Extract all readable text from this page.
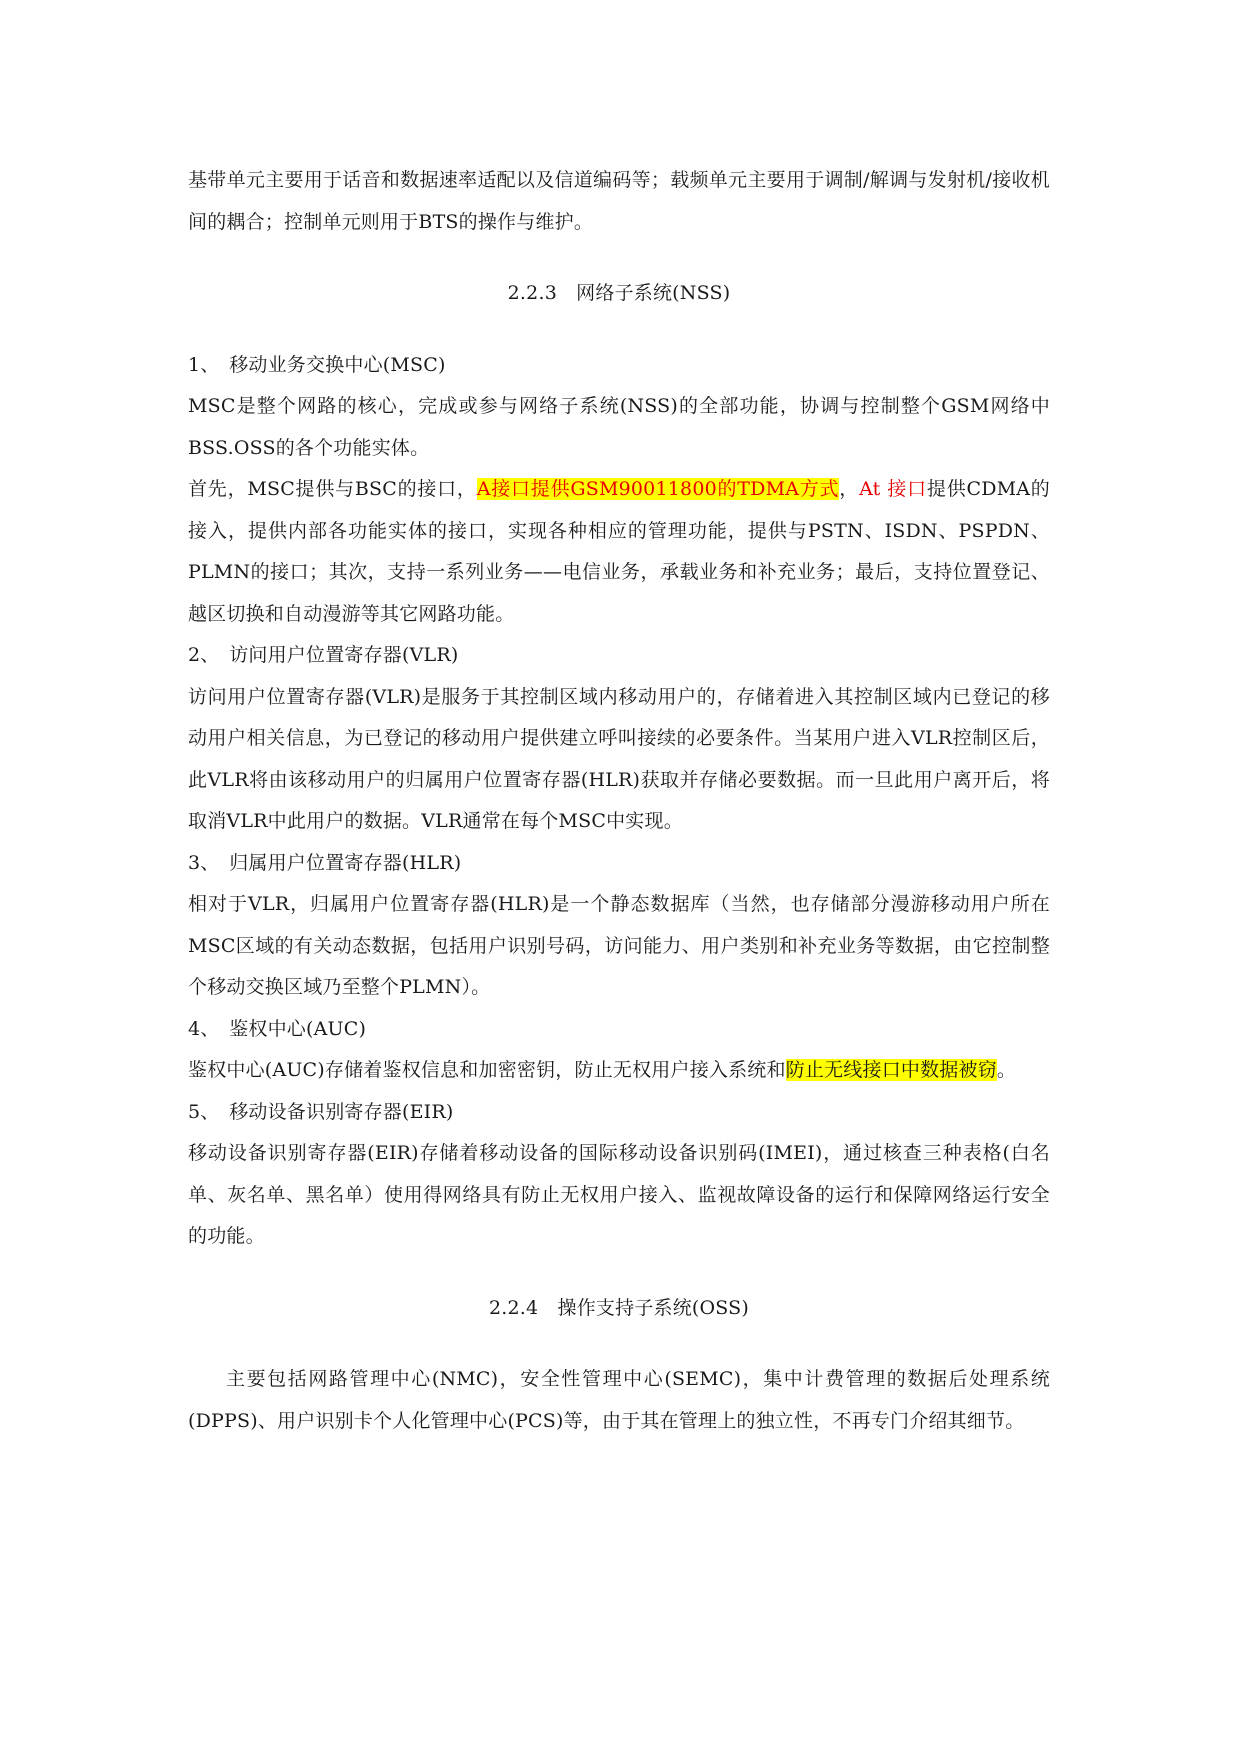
基带单元主要用于话音和数据速率适配以及信道编码等；载频单元主要用于调制/解调与发射机/接收机间的耦合；控制单元则用于BTS的操作与维护。

2.2.3　网络子系统(NSS)

1、　移动业务交换中心(MSC)

MSC是整个网路的核心，完成或参与网络子系统(NSS)的全部功能，协调与控制整个GSM网络中BSS.OSS的各个功能实体。

首先，MSC提供与BSC的接口，A接口提供GSM90011800的TDMA方式，At 接口提供CDMA的接入，提供内部各功能实体的接口，实现各种相应的管理功能，提供与PSTN、ISDN、PSPDN、PLMN的接口；其次，支持一系列业务——电信业务，承载业务和补充业务；最后，支持位置登记、越区切换和自动漫游等其它网路功能。

2、　访问用户位置寄存器(VLR)

访问用户位置寄存器(VLR)是服务于其控制区域内移动用户的，存储着进入其控制区域内已登记的移动用户相关信息，为已登记的移动用户提供建立呼叫接续的必要条件。当某用户进入VLR控制区后，此VLR将由该移动用户的归属用户位置寄存器(HLR)获取并存储必要数据。而一旦此用户离开后，将取消VLR中此用户的数据。VLR通常在每个MSC中实现。

3、　归属用户位置寄存器(HLR)

相对于VLR，归属用户位置寄存器(HLR)是一个静态数据库（当然，也存储部分漫游移动用户所在MSC区域的有关动态数据，包括用户识别号码，访问能力、用户类别和补充业务等数据，由它控制整个移动交换区域乃至整个PLMN）。

4、　鉴权中心(AUC)

鉴权中心(AUC)存储着鉴权信息和加密密钥，防止无权用户接入系统和防止无线接口中数据被窃。

5、　移动设备识别寄存器(EIR)

移动设备识别寄存器(EIR)存储着移动设备的国际移动设备识别码(IMEI)，通过核查三种表格(白名单、灰名单、黑名单）使用得网络具有防止无权用户接入、监视故障设备的运行和保障网络运行安全的功能。

2.2.4　操作支持子系统(OSS)

主要包括网路管理中心(NMC)，安全性管理中心(SEMC)，集中计费管理的数据后处理系统(DPPS)、用户识别卡个人化管理中心(PCS)等，由于其在管理上的独立性，不再专门介绍其细节。
